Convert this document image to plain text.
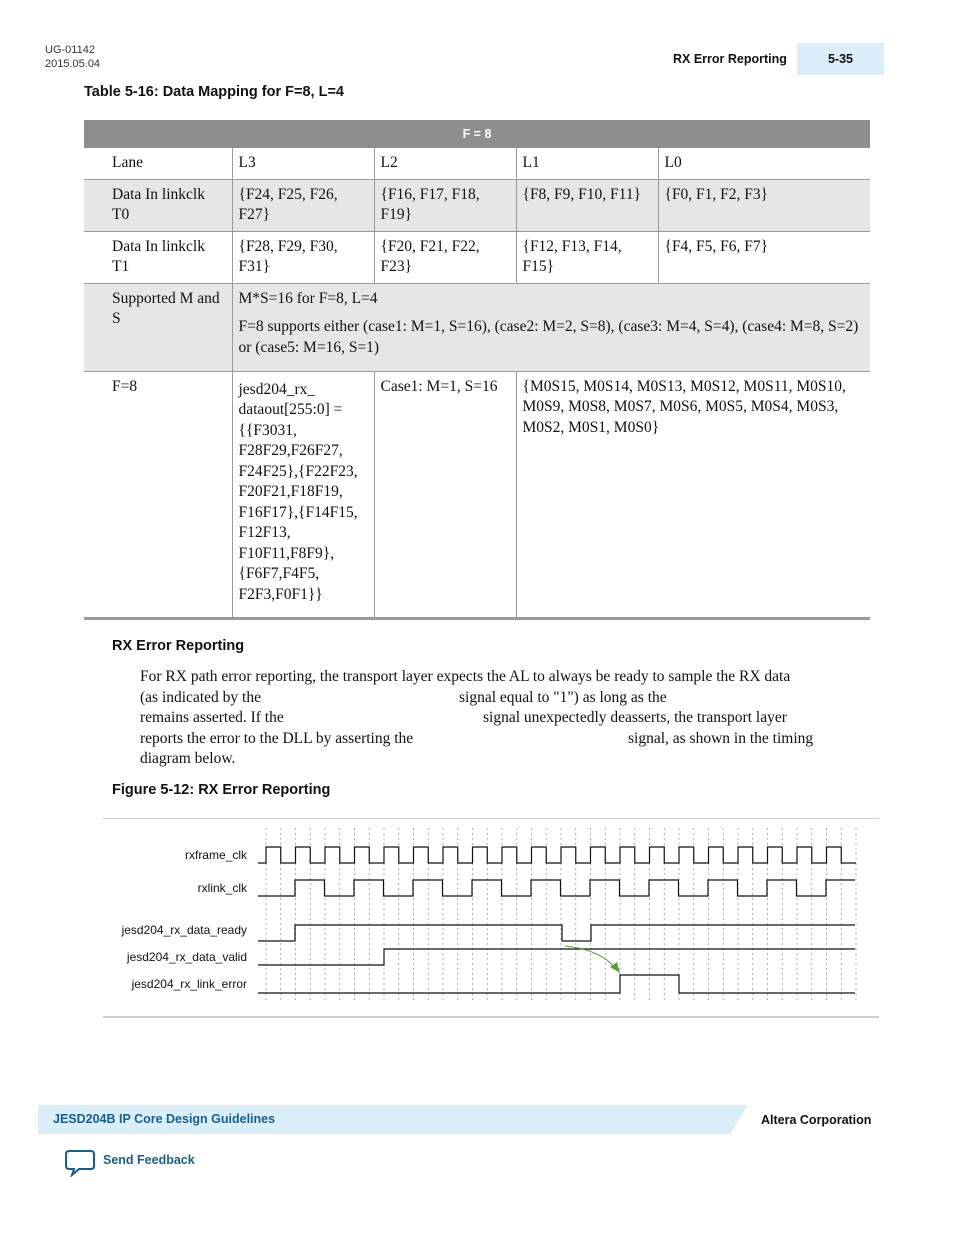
UG-01142
2015.05.04	RX Error Reporting	5-35
Table 5-16: Data Mapping for F=8, L=4
F = 8				
Lane	L3	L2	L1	L0
Data In linkclk T0	{F24, F25, F26, F27}	{F16, F17, F18, F19}	{F8, F9, F10, F11}	{F0, F1, F2, F3}
Data In linkclk T1	{F28, F29, F30, F31}	{F20, F21, F22, F23}	{F12, F13, F14, F15}	{F4, F5, F6, F7}
Supported M and S	M*S=16 for F=8, L=4
F=8 supports either (case1: M=1, S=16), (case2: M=2, S=8), (case3: M=4, S=4), (case4: M=8, S=2) or (case5: M=16, S=1)			

F=8	jesd204_rx_ dataout[255:0] = {{F3031, F28F29,F26F27, F24F25},{F22F23, F20F21,F18F19, F16F17},{F14F15, F12F13, F10F11,F8F9}, {F6F7,F4F5, F2F3,F0F1}}	Case1: M=1, S=16	{M0S15, M0S14, M0S13, M0S12, M0S11, M0S10, M0S9, M0S8, M0S7, M0S6, M0S5, M0S4, M0S3, M0S2, M0S1, M0S0}	
RX Error Reporting
For RX path error reporting, the transport layer expects the AL to always be ready to sample the RX data
(as indicated by the	signal equal to "1") as long as the
remains asserted. If the	signal unexpectedly deasserts, the transport layer
reports the error to the DLL by asserting the	signal, as shown in the timing
diagram below.
Figure 5-12: RX Error Reporting
rxframe_clk
rxlink_clk
jesd204_rx_data_ready
jesd204_rx_data_valid
jesd204_rx_link_error
JESD204B IP Core Design Guidelines	Altera Corporation
Send Feedback
